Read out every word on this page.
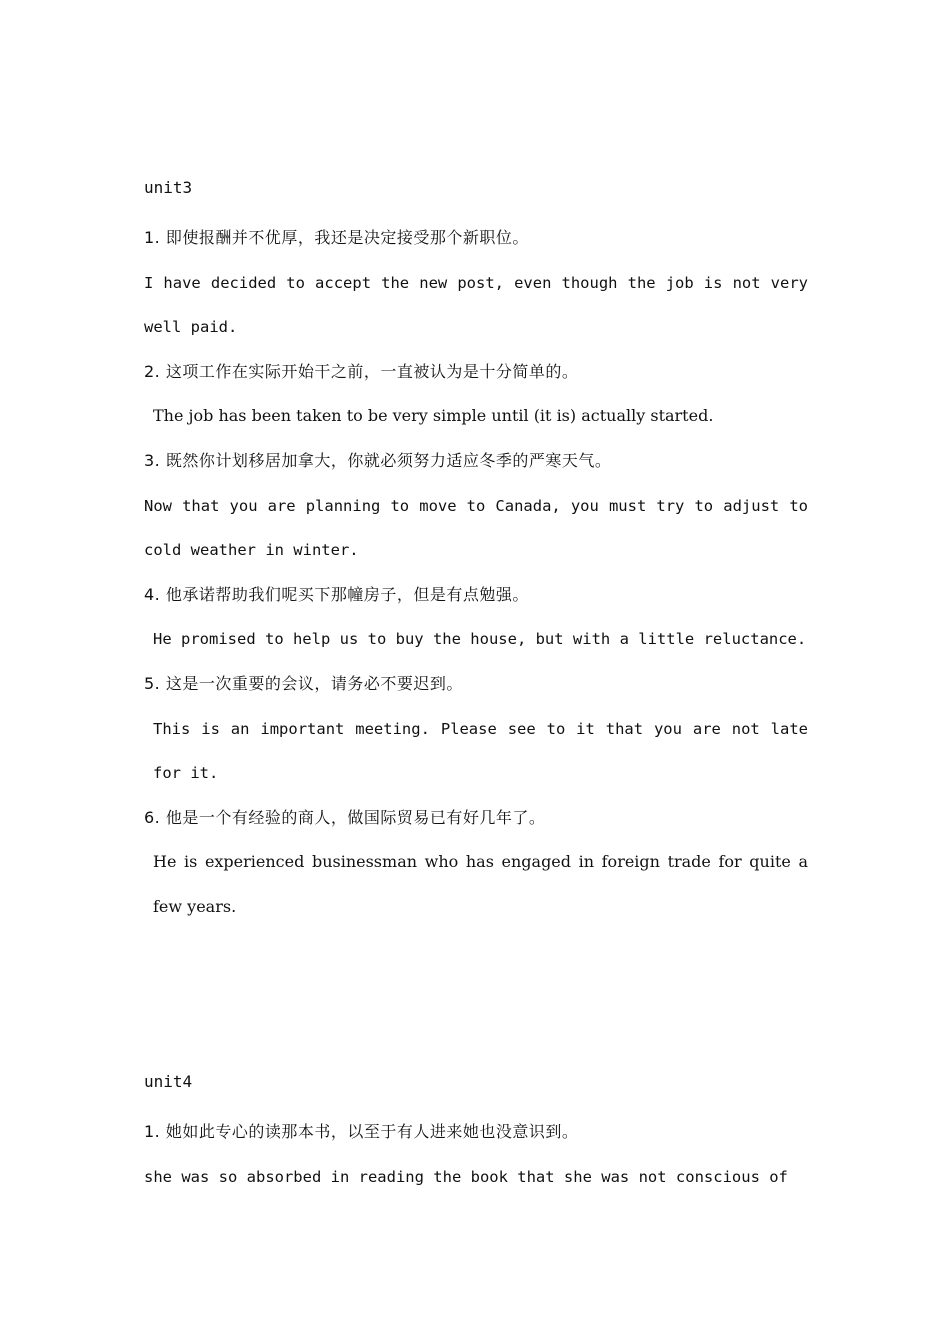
unit3

1. 即使报酬并不优厚，我还是决定接受那个新职位。

I have decided to accept the new post, even though the job is not very well paid.

2. 这项工作在实际开始干之前，一直被认为是十分简单的。

The job has been taken to be very simple until (it is) actually started.

3. 既然你计划移居加拿大，你就必须努力适应冬季的严寒天气。

Now that you are planning to move to Canada, you must try to adjust to cold weather in winter.

4. 他承诺帮助我们呢买下那幢房子，但是有点勉强。

He promised to help us to buy the house, but with a little reluctance.

5. 这是一次重要的会议，请务必不要迟到。

This is an important meeting. Please see to it that you are not late for it.

6. 他是一个有经验的商人，做国际贸易已有好几年了。

He is experienced businessman who has engaged in foreign trade for quite a few years.

unit4

1. 她如此专心的读那本书，以至于有人进来她也没意识到。

she was so absorbed in reading the book that she was not conscious of
